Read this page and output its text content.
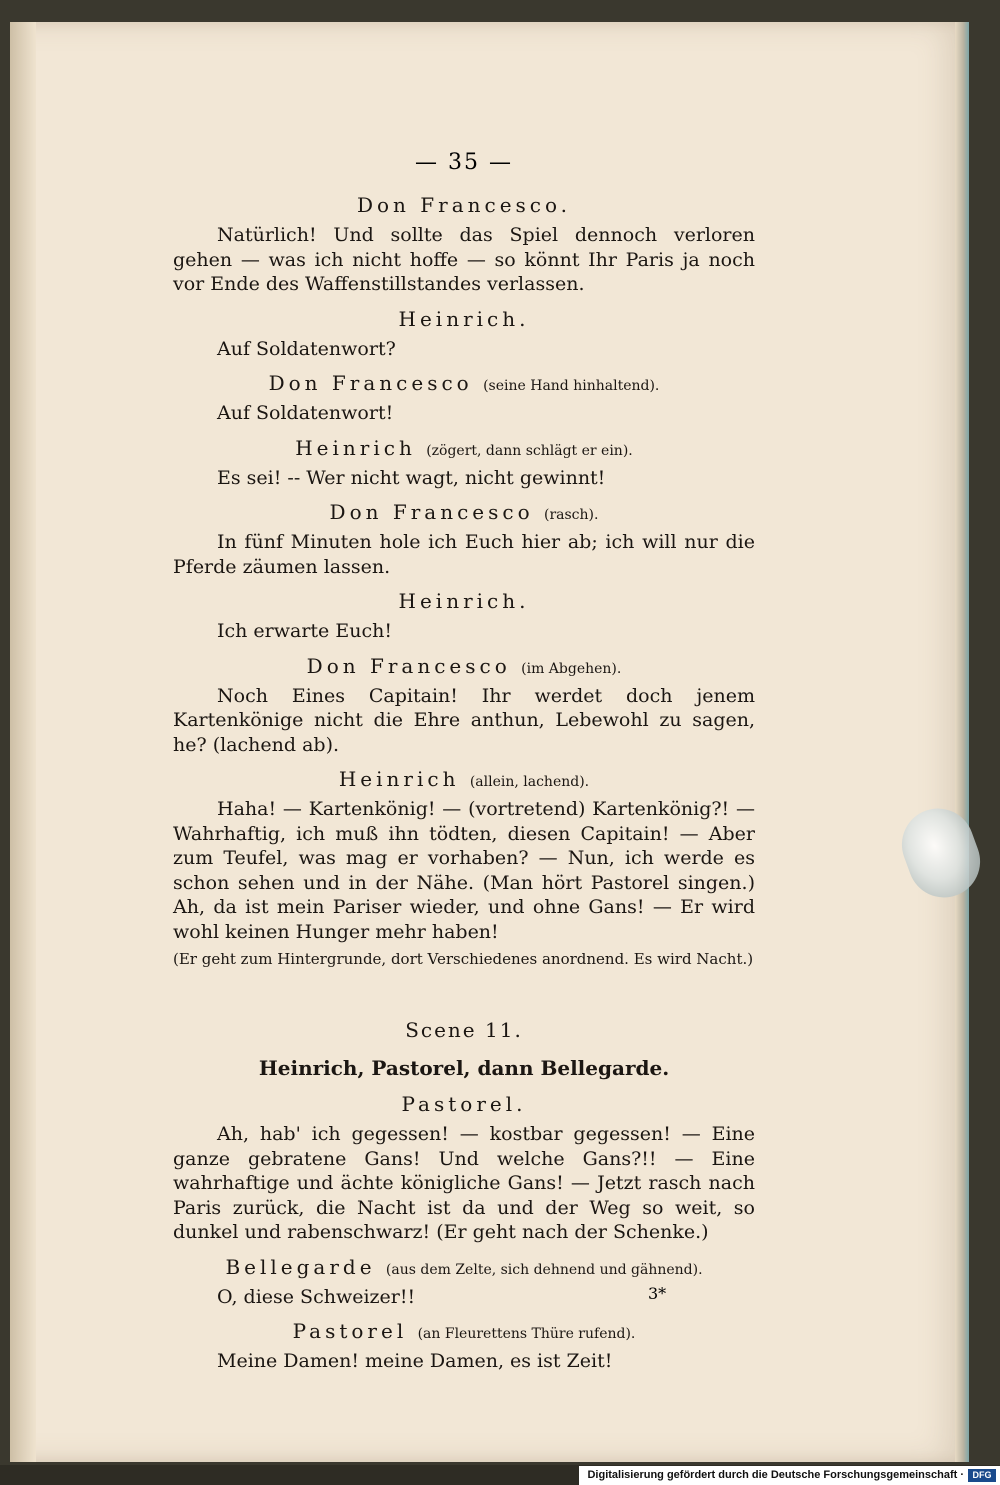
— 35 —

Don Francesco.

Natürlich! Und sollte das Spiel dennoch verloren gehen — was ich nicht hoffe — so könnt Ihr Paris ja noch vor Ende des Waffenstillstandes verlassen.

Heinrich.

Auf Soldatenwort?

Don Francesco (seine Hand hinhaltend).

Auf Soldatenwort!

Heinrich (zögert, dann schlägt er ein).

Es sei! -- Wer nicht wagt, nicht gewinnt!

Don Francesco (rasch).

In fünf Minuten hole ich Euch hier ab; ich will nur die Pferde zäumen lassen.

Heinrich.

Ich erwarte Euch!

Don Francesco (im Abgehen).

Noch Eines Capitain! Ihr werdet doch jenem Kartenkönige nicht die Ehre anthun, Lebewohl zu sagen, he? (lachend ab).

Heinrich (allein, lachend).

Haha! — Kartenkönig! — (vortretend) Kartenkönig?! — Wahrhaftig, ich muß ihn tödten, diesen Capitain! — Aber zum Teufel, was mag er vorhaben? — Nun, ich werde es schon sehen und in der Nähe. (Man hört Pastorel singen.) Ah, da ist mein Pariser wieder, und ohne Gans! — Er wird wohl keinen Hunger mehr haben!

(Er geht zum Hintergrunde, dort Verschiedenes anordnend. Es wird Nacht.)

Scene 11.

Heinrich, Pastorel, dann Bellegarde.

Pastorel.

Ah, hab' ich gegessen! — kostbar gegessen! — Eine ganze gebratene Gans! Und welche Gans?!! — Eine wahrhaftige und ächte königliche Gans! — Jetzt rasch nach Paris zurück, die Nacht ist da und der Weg so weit, so dunkel und rabenschwarz! (Er geht nach der Schenke.)

Bellegarde (aus dem Zelte, sich dehnend und gähnend).

O, diese Schweizer!!

Pastorel (an Fleurettens Thüre rufend).

Meine Damen! meine Damen, es ist Zeit!

3*
Digitalisierung gefördert durch die Deutsche Forschungsgemeinschaft · DFG
